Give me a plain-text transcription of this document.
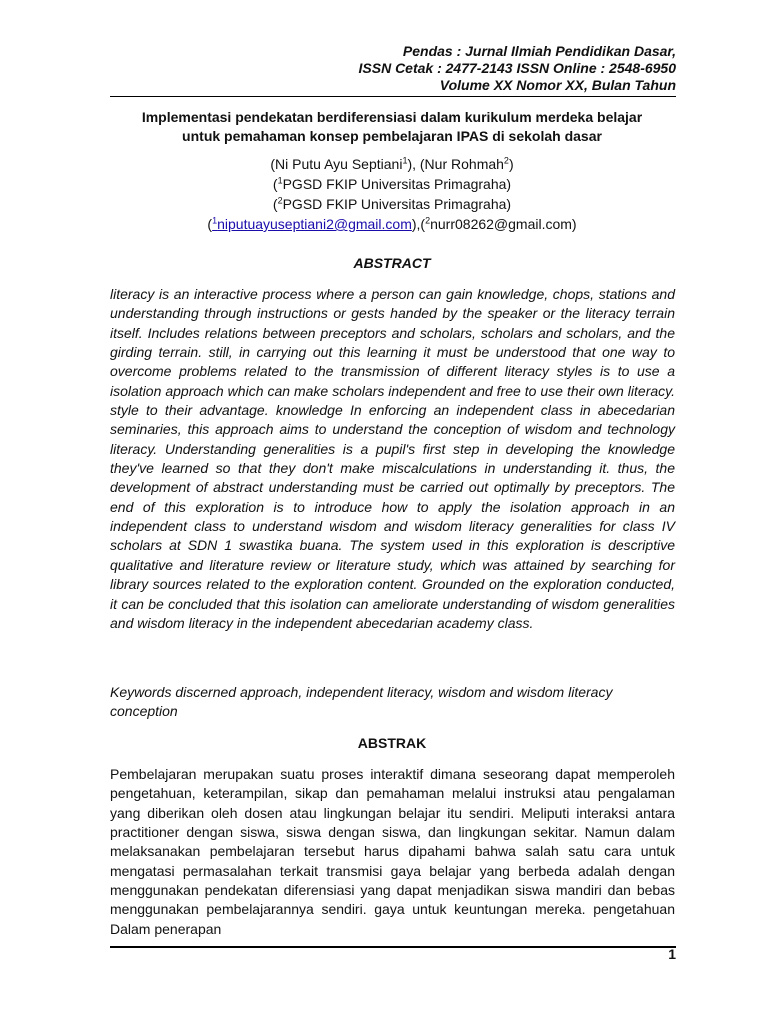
Pendas : Jurnal Ilmiah Pendidikan Dasar,
ISSN Cetak : 2477-2143 ISSN Online : 2548-6950
Volume XX Nomor XX, Bulan Tahun
Implementasi pendekatan berdiferensiasi dalam kurikulum merdeka belajar
untuk pemahaman konsep pembelajaran IPAS di sekolah dasar
(Ni Putu Ayu Septiani$^1$), (Nur Rohmah$^2$)
($^1$PGSD FKIP Universitas Primagraha)
($^2$PGSD FKIP Universitas Primagraha)
($^1$niputuayuseptiani2@gmail.com),($^2$nurr08262@gmail.com)
ABSTRACT
literacy is an interactive process where a person can gain knowledge, chops, stations and understanding through instructions or gests handed by the speaker or the literacy terrain itself. Includes relations between preceptors and scholars, scholars and scholars, and the girding terrain. still, in carrying out this learning it must be understood that one way to overcome problems related to the transmission of different literacy styles is to use a isolation approach which can make scholars independent and free to use their own literacy. style to their advantage. knowledge In enforcing an independent class in abecedarian seminaries, this approach aims to understand the conception of wisdom and technology literacy. Understanding generalities is a pupil's first step in developing the knowledge they've learned so that they don't make miscalculations in understanding it. thus, the development of abstract understanding must be carried out optimally by preceptors. The end of this exploration is to introduce how to apply the isolation approach in an independent class to understand wisdom and wisdom literacy generalities for class IV scholars at SDN 1 swastika buana. The system used in this exploration is descriptive qualitative and literature review or literature study, which was attained by searching for library sources related to the exploration content. Grounded on the exploration conducted, it can be concluded that this isolation can ameliorate understanding of wisdom generalities and wisdom literacy in the independent abecedarian academy class.
Keywords discerned approach, independent literacy, wisdom and wisdom literacy conception
ABSTRAK
Pembelajaran merupakan suatu proses interaktif dimana seseorang dapat memperoleh pengetahuan, keterampilan, sikap dan pemahaman melalui instruksi atau pengalaman yang diberikan oleh dosen atau lingkungan belajar itu sendiri. Meliputi interaksi antara practitioner dengan siswa, siswa dengan siswa, dan lingkungan sekitar. Namun dalam melaksanakan pembelajaran tersebut harus dipahami bahwa salah satu cara untuk mengatasi permasalahan terkait transmisi gaya belajar yang berbeda adalah dengan menggunakan pendekatan diferensiasi yang dapat menjadikan siswa mandiri dan bebas menggunakan pembelajarannya sendiri. gaya untuk keuntungan mereka. pengetahuan Dalam penerapan
1
